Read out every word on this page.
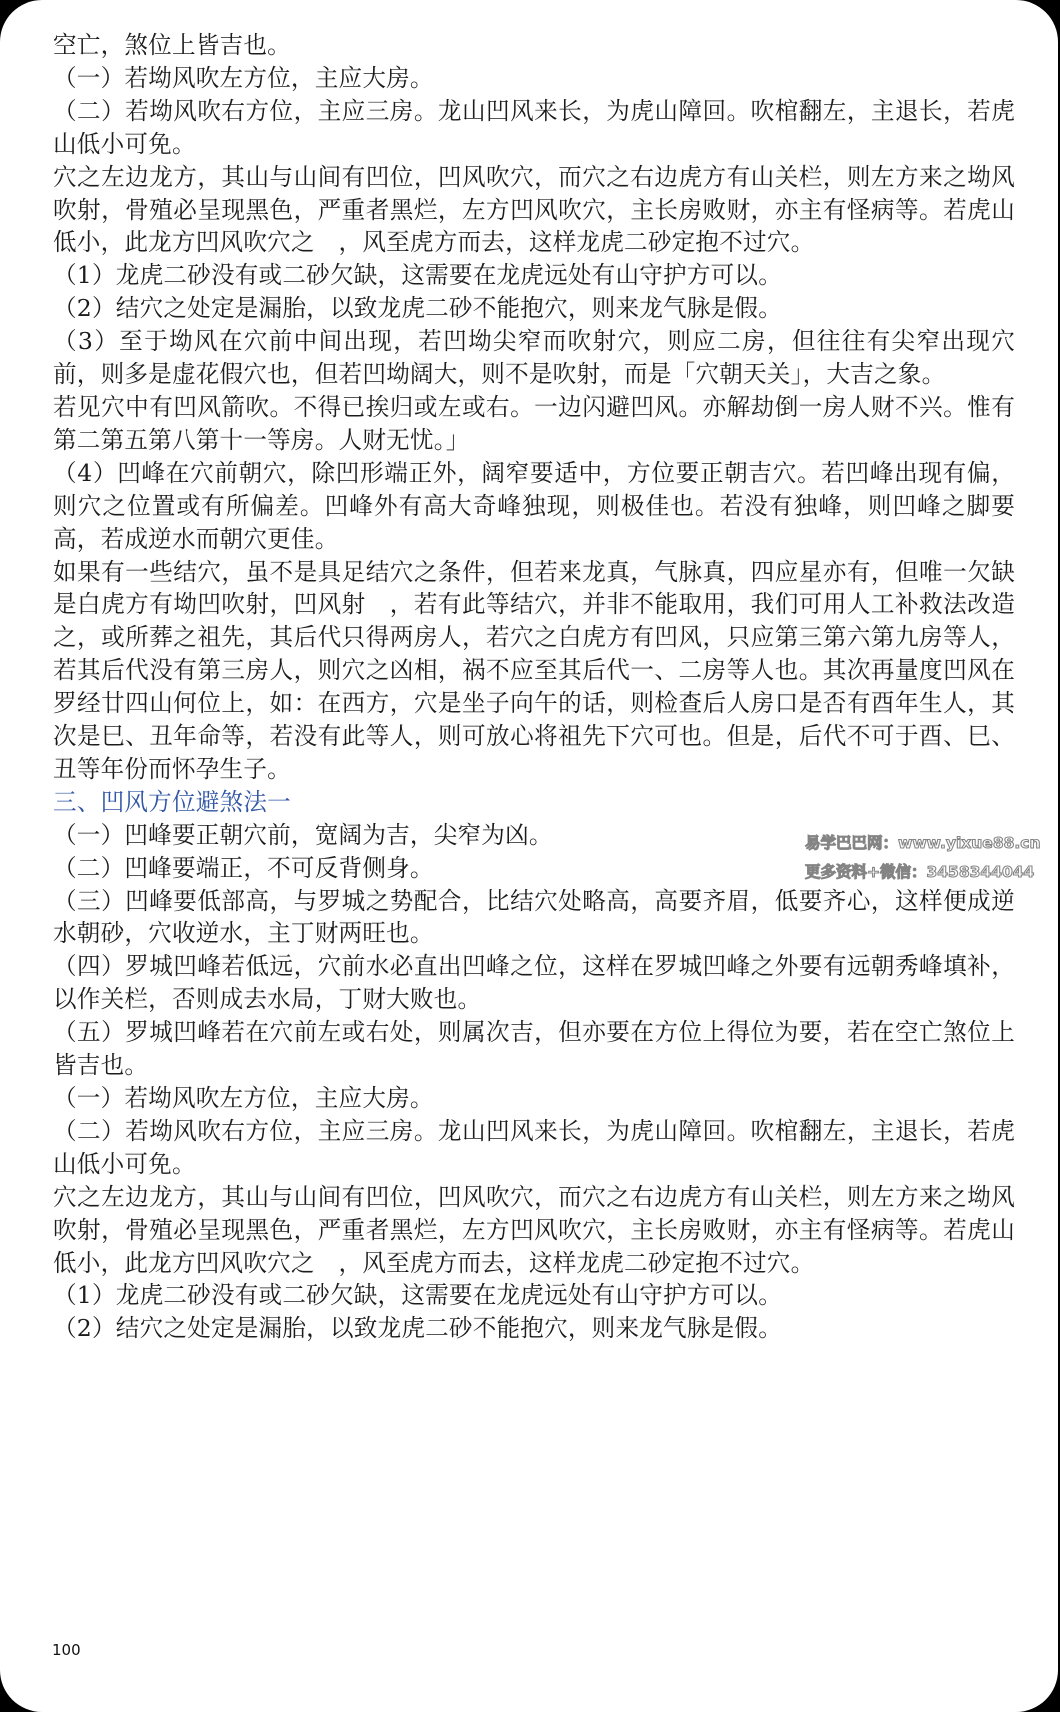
空亡，煞位上皆吉也。

（一）若坳风吹左方位，主应大房。

（二）若坳风吹右方位，主应三房。龙山凹风来长，为虎山障回。吹棺翻左，主退长，若虎山低小可免。

穴之左边龙方，其山与山间有凹位，凹风吹穴，而穴之右边虎方有山关栏，则左方来之坳风吹射，骨殖必呈现黑色，严重者黑烂，左方凹风吹穴，主长房败财，亦主有怪病等。若虎山低小，此龙方凹风吹穴之　，风至虎方而去，这样龙虎二砂定抱不过穴。

（1）龙虎二砂没有或二砂欠缺，这需要在龙虎远处有山守护方可以。

（2）结穴之处定是漏胎，以致龙虎二砂不能抱穴，则来龙气脉是假。

（3）至于坳风在穴前中间出现，若凹坳尖窄而吹射穴，则应二房，但往往有尖窄出现穴前，则多是虚花假穴也，但若凹坳阔大，则不是吹射，而是「穴朝天关」，大吉之象。

若见穴中有凹风箭吹。不得已挨归或左或右。一边闪避凹风。亦解劫倒一房人财不兴。惟有第二第五第八第十一等房。人财无忧。」

（4）凹峰在穴前朝穴，除凹形端正外，阔窄要适中，方位要正朝吉穴。若凹峰出现有偏，则穴之位置或有所偏差。凹峰外有高大奇峰独现，则极佳也。若没有独峰，则凹峰之脚要高，若成逆水而朝穴更佳。

如果有一些结穴，虽不是具足结穴之条件，但若来龙真，气脉真，四应星亦有，但唯一欠缺是白虎方有坳凹吹射，凹风射　，若有此等结穴，并非不能取用，我们可用人工补救法改造之，或所葬之祖先，其后代只得两房人，若穴之白虎方有凹风，只应第三第六第九房等人，若其后代没有第三房人，则穴之凶相，祸不应至其后代一、二房等人也。其次再量度凹风在罗经廿四山何位上，如：在西方，穴是坐子向午的话，则检查后人房口是否有酉年生人，其次是巳、丑年命等，若没有此等人，则可放心将祖先下穴可也。但是，后代不可于酉、巳、丑等年份而怀孕生子。

三、凹风方位避煞法一

（一）凹峰要正朝穴前，宽阔为吉，尖窄为凶。

（二）凹峰要端正，不可反背侧身。

（三）凹峰要低部高，与罗城之势配合，比结穴处略高，高要齐眉，低要齐心，这样便成逆水朝砂，穴收逆水，主丁财两旺也。

（四）罗城凹峰若低远，穴前水必直出凹峰之位，这样在罗城凹峰之外要有远朝秀峰填补，以作关栏，否则成去水局，丁财大败也。

（五）罗城凹峰若在穴前左或右处，则属次吉，但亦要在方位上得位为要，若在空亡煞位上皆吉也。

（一）若坳风吹左方位，主应大房。

（二）若坳风吹右方位，主应三房。龙山凹风来长，为虎山障回。吹棺翻左，主退长，若虎山低小可免。

穴之左边龙方，其山与山间有凹位，凹风吹穴，而穴之右边虎方有山关栏，则左方来之坳风吹射，骨殖必呈现黑色，严重者黑烂，左方凹风吹穴，主长房败财，亦主有怪病等。若虎山低小，此龙方凹风吹穴之　，风至虎方而去，这样龙虎二砂定抱不过穴。

（1）龙虎二砂没有或二砂欠缺，这需要在龙虎远处有山守护方可以。

（2）结穴之处定是漏胎，以致龙虎二砂不能抱穴，则来龙气脉是假。

易学巴巴网：www.yixue88.cn
更多资料+微信：3458344044
100
